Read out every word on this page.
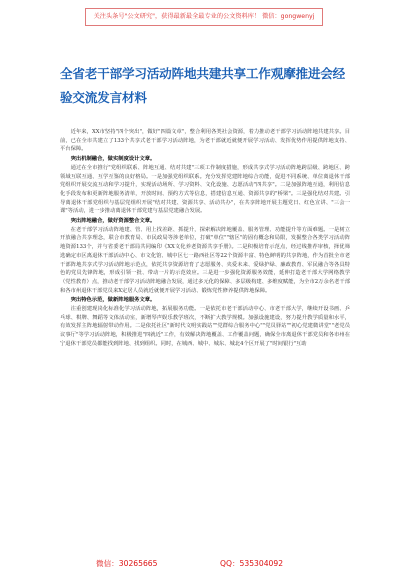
关注头条号"公文研究"，获得最新最全最专业的公文资料库！ 微信：gongwenyj
全省老干部学习活动阵地共建共享工作观摩推进会经验交流发言材料

近年来，XX市坚持"四个突出"，做好"四篇文章"，整合利用各类社会资源，着力推动老干部学习活动阵地共建共享。目前，已在全市共建立了133个共享式老干部学习活动阵地，为老干部就近就便开展学习活动、发挥优势作用提供阵地支持、平台保障。

突出机制融合，做实制度设计文章。

通过在全市推行"党组织联系、阵地互通、结对共建"三项工作制度措施，形成共享式学习活动阵地跨层级、跨地区、跨领域互联互通、互学互鉴的良好格局。一是加强党组织联系。充分发挥党建阵地综合功能，促进不同系统、单位离退休干部党组织开展交流互动和学习提升，实现活动场所、学习资料、文化设施、志愿活动"四共享"。二是加强阵地互通，利用信息化手段发布和更新阵地服务清单，开放时间、预约方式等信息，搭建信息互通、资源共享的"桥梁"。三是强化结对共建。引导离退休干部党组织与基层党组织开展"结对共建、资源共享、活动共办"，在共享阵地开展主题党日、红色宣讲、"三会一课"等活动，进一步推动离退休干部党建与基层党建融合发展。

突出阵地融合，做好资源整合文章。

在老干部学习活动阵地建、管、用上找差距、抓提升，探索解决阵地覆盖、服务管理、功能提升等方面难题。一是树立开放融合共享理念，联合市教育局、市民政局等涉老单位，打破"单位""辖区"的固有概念和局限，发掘整合各类学习活动阵地资源133个，并与省委老干部局共同编印《XX文化养老资源共享手册》。二是积极培育示范点，经过线推荐审核，择优筛选确定市区离退休干部活动中心、市文化馆、城中区七一路西社区等22个资源丰富、特色鲜明的共享阵地，作为首批全市老干部阵地共享式学习活动阵地示范点，依托共享资源培育了志愿服务、夹爱未来、爱绿护绿、廉政教育、军民融合等各具特色的党员先锋阵地，形成引领一批、带动一片的示范效应。三是进一步强化资源服务效能，延伸打造老干部大学网络教学（党性教育）点，推动老干部学习活动阵地融合发展，通过多元化的保障、多层级构建、多维度赋能，为全市2万余名老干部和各市州退休干部党员来X定居人员就近就便开展学习活动、锻炼党性修养提供阵地保障。

突出特色示范，做新阵地服务文章。

注重创建现岗化标准化学习活动阵地，拓展服务功能。一是依托市老干部活动中心、市老干部大学，继续开设书画、乒乓球、棋牌、舞蹈等文体活动室，新增琴声娱乐教学班次，不断扩大教学规模。加强设施建设，努力提升教学质量和水平，有效发挥主阵地辐射带动作用。二是依托社区"新时代文明实践站""党群综合服务中心""党员驿站""初心党建微讲堂""老党员议事厅"等学习活动阵地，积极推进"四就近"工作，有效解决阵地覆盖、工作覆盖问题，确保全市离退休干部党员和各市州在宁退休干部党员都能找到阵地、找到组织。同时，在城西、城中、城东、城北4个区开展了"时间银行"互助

微信：30265665	QQ：535304092
